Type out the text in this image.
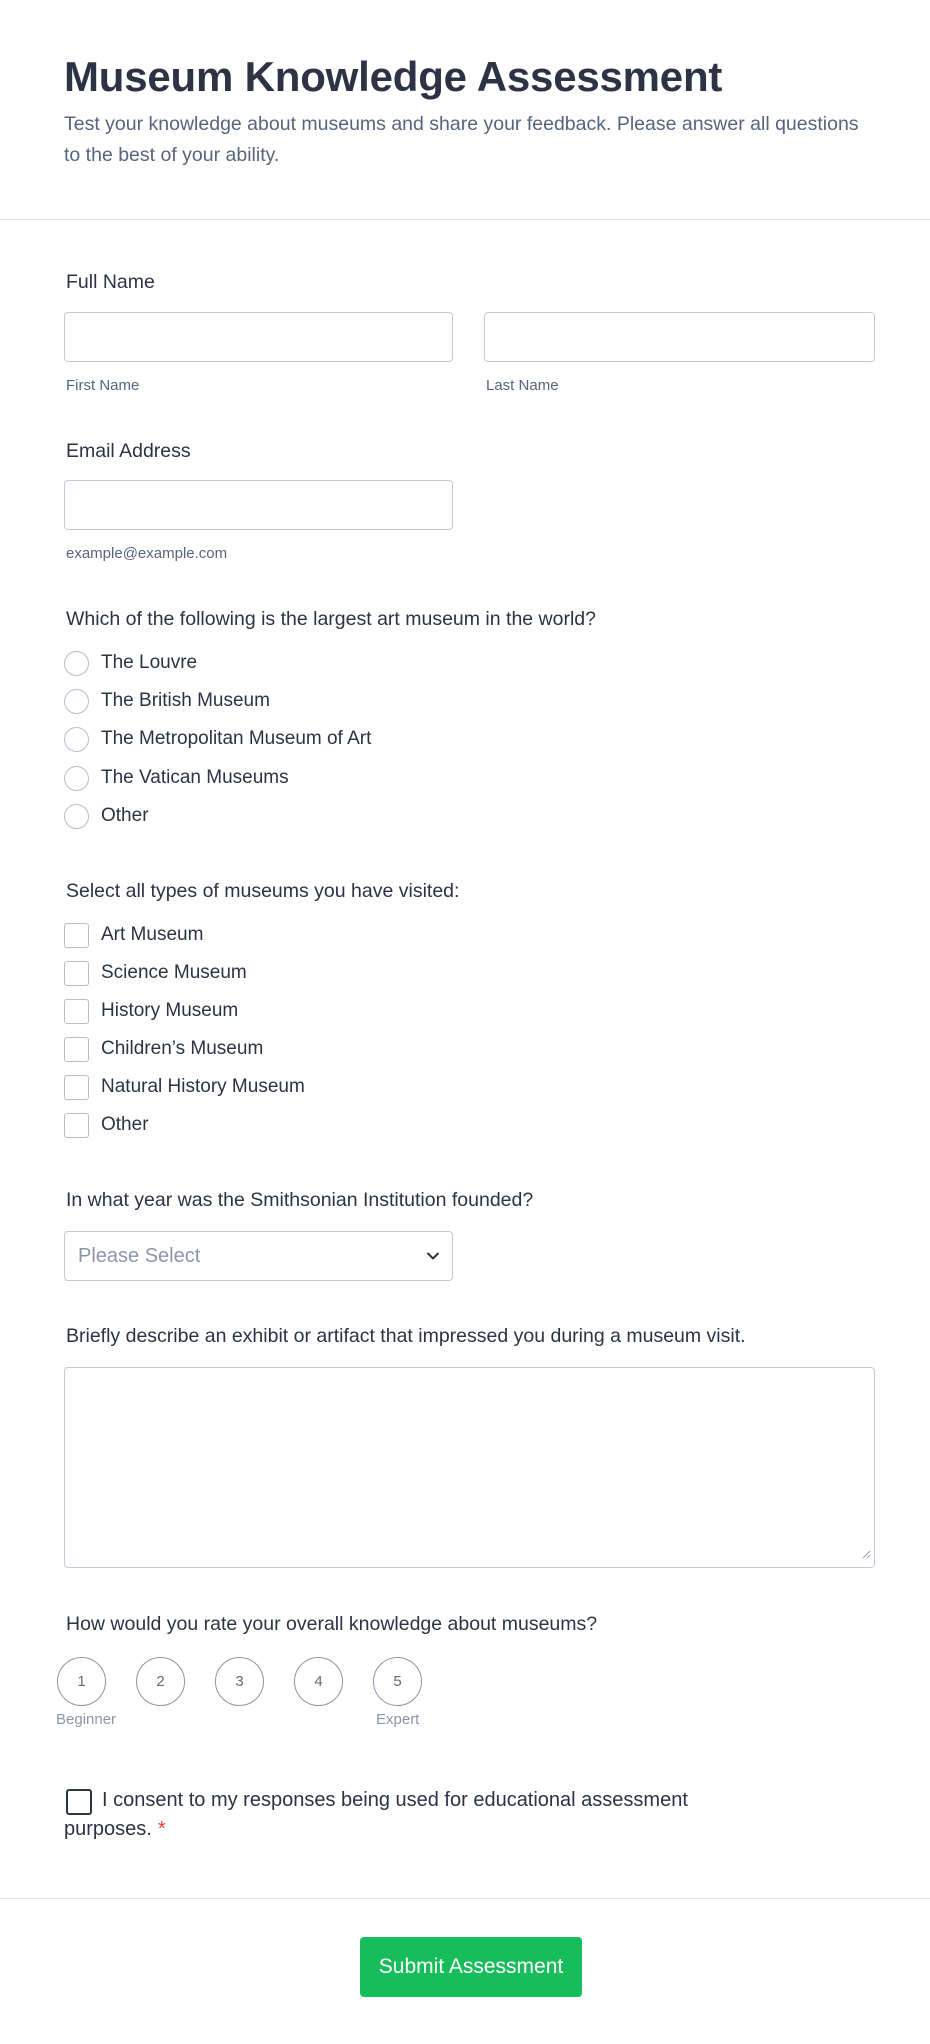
Museum Knowledge Assessment

Test your knowledge about museums and share your feedback. Please answer all questions to the best of your ability.

Full Name
First Name	Last Name
Email Address
example@example.com
Which of the following is the largest art museum in the world?
The Louvre
The British Museum
The Metropolitan Museum of Art
The Vatican Museums
Other
Select all types of museums you have visited:
Art Museum
Science Museum
History Museum
Children’s Museum
Natural History Museum
Other
In what year was the Smithsonian Institution founded?
Please Select
Briefly describe an exhibit or artifact that impressed you during a museum visit.
How would you rate your overall knowledge about museums?
1	2	3	4	5
Beginner	Expert
I consent to my responses being used for educational assessment purposes. *
Submit Assessment
